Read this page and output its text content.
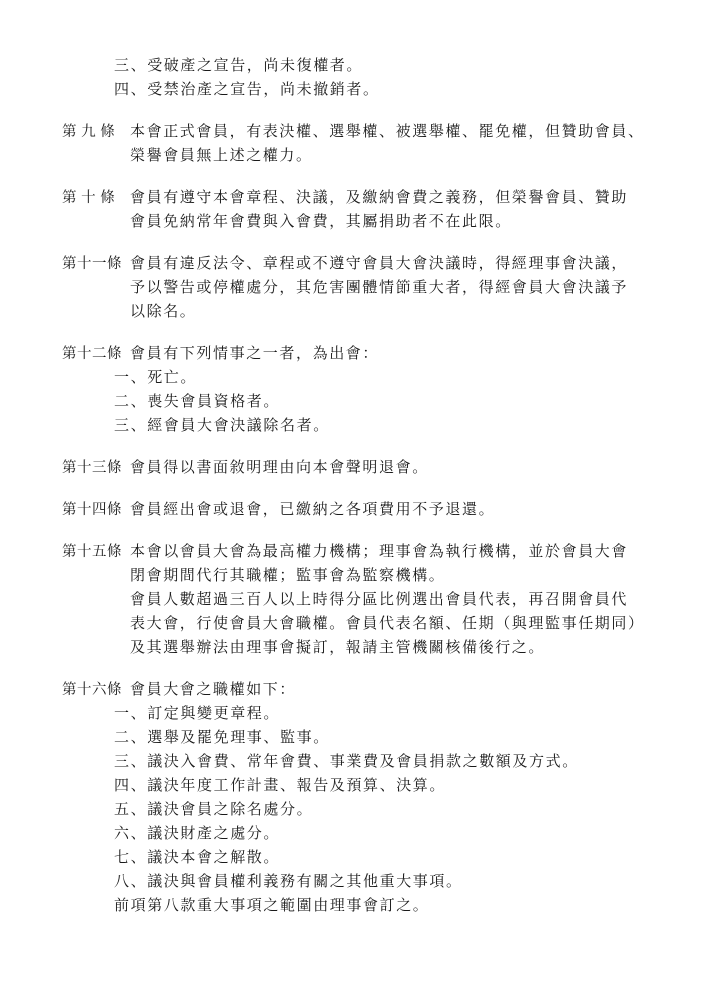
三、受破產之宣告，尚未復權者。
四、受禁治產之宣告，尚未撤銷者。
第 九 條 本會正式會員，有表決權、選舉權、被選舉權、罷免權，但贊助會員、
榮譽會員無上述之權力。
第 十 條 會員有遵守本會章程、決議，及繳納會費之義務，但榮譽會員、贊助
會員免納常年會費與入會費，其屬捐助者不在此限。
第十一條 會員有違反法令、章程或不遵守會員大會決議時，得經理事會決議，
予以警告或停權處分，其危害團體情節重大者，得經會員大會決議予
以除名。
第十二條 會員有下列情事之一者，為出會：
一、死亡。
二、喪失會員資格者。
三、經會員大會決議除名者。
第十三條 會員得以書面敘明理由向本會聲明退會。
第十四條 會員經出會或退會，已繳納之各項費用不予退還。
第十五條 本會以會員大會為最高權力機構；理事會為執行機構，並於會員大會
閉會期間代行其職權；監事會為監察機構。
會員人數超過三百人以上時得分區比例選出會員代表，再召開會員代
表大會，行使會員大會職權。會員代表名額、任期（與理監事任期同）
及其選舉辦法由理事會擬訂，報請主管機關核備後行之。
第十六條 會員大會之職權如下：
一、訂定與變更章程。
二、選舉及罷免理事、監事。
三、議決入會費、常年會費、事業費及會員捐款之數額及方式。
四、議決年度工作計畫、報告及預算、決算。
五、議決會員之除名處分。
六、議決財產之處分。
七、議決本會之解散。
八、議決與會員權利義務有關之其他重大事項。
前項第八款重大事項之範圍由理事會訂之。
